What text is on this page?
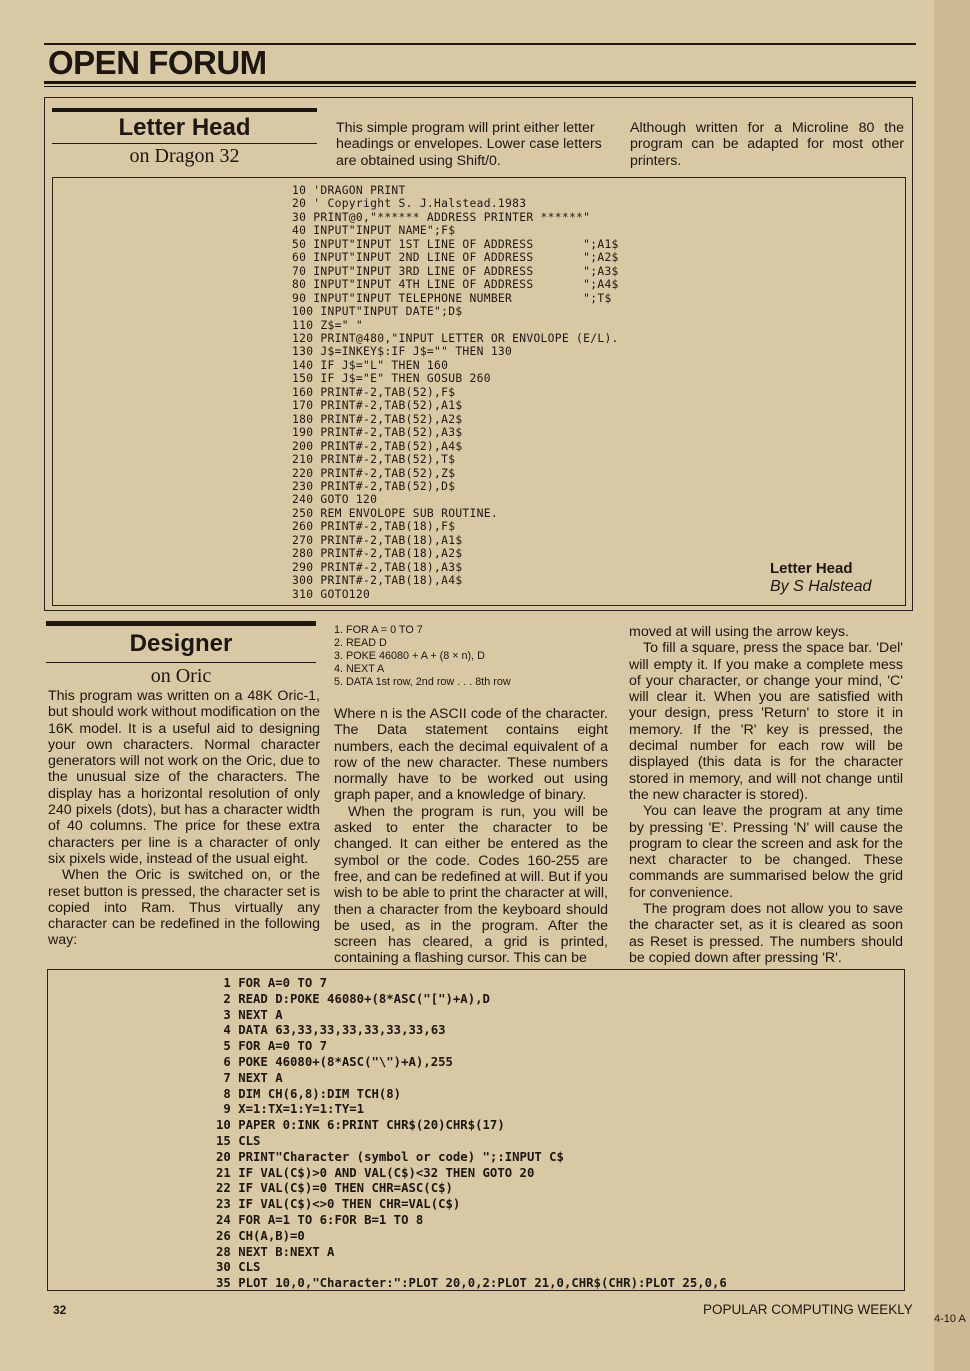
4-10 A
OPEN FORUM
Letter Head
on Dragon 32
This simple program will print either letter headings or envelopes. Lower case letters are obtained using Shift/0.
Although written for a Microline 80 the program can be adapted for most other printers.
10 'DRAGON PRINT
20 ' Copyright S. J.Halstead.1983
30 PRINT@0,"****** ADDRESS PRINTER ******"
40 INPUT"INPUT NAME";F$
50 INPUT"INPUT 1ST LINE OF ADDRESS       ";A1$
60 INPUT"INPUT 2ND LINE OF ADDRESS       ";A2$
70 INPUT"INPUT 3RD LINE OF ADDRESS       ";A3$
80 INPUT"INPUT 4TH LINE OF ADDRESS       ";A4$
90 INPUT"INPUT TELEPHONE NUMBER          ";T$
100 INPUT"INPUT DATE";D$
110 Z$=" "
120 PRINT@480,"INPUT LETTER OR ENVOLOPE (E/L).
130 J$=INKEY$:IF J$="" THEN 130
140 IF J$="L" THEN 160
150 IF J$="E" THEN GOSUB 260
160 PRINT#-2,TAB(52),F$
170 PRINT#-2,TAB(52),A1$
180 PRINT#-2,TAB(52),A2$
190 PRINT#-2,TAB(52),A3$
200 PRINT#-2,TAB(52),A4$
210 PRINT#-2,TAB(52),T$
220 PRINT#-2,TAB(52),Z$
230 PRINT#-2,TAB(52),D$
240 GOTO 120
250 REM ENVOLOPE SUB ROUTINE.
260 PRINT#-2,TAB(18),F$
270 PRINT#-2,TAB(18),A1$
280 PRINT#-2,TAB(18),A2$
290 PRINT#-2,TAB(18),A3$
300 PRINT#-2,TAB(18),A4$
310 GOTO120
Letter Head
By S Halstead
Designer
on Oric

This program was written on a 48K Oric-1, but should work without modification on the 16K model. It is a useful aid to designing your own characters. Normal character generators will not work on the Oric, due to the unusual size of the characters. The display has a horizontal resolution of only 240 pixels (dots), but has a character width of 40 columns. The price for these extra characters per line is a character of only six pixels wide, instead of the usual eight.

When the Oric is switched on, or the reset button is pressed, the character set is copied into Ram. Thus virtually any character can be redefined in the following way:

1. FOR A = 0 TO 7
2. READ D
3. POKE 46080 + A + (8 × n), D
4. NEXT A
5. DATA 1st row, 2nd row . . . 8th row

Where n is the ASCII code of the character. The Data statement contains eight numbers, each the decimal equivalent of a row of the new character. These numbers normally have to be worked out using graph paper, and a knowledge of binary.

When the program is run, you will be asked to enter the character to be changed. It can either be entered as the symbol or the code. Codes 160-255 are free, and can be redefined at will. But if you wish to be able to print the character at will, then a character from the keyboard should be used, as in the program. After the screen has cleared, a grid is printed, containing a flashing cursor. This can be

moved at will using the arrow keys.

To fill a square, press the space bar. 'Del' will empty it. If you make a complete mess of your character, or change your mind, 'C' will clear it. When you are satisfied with your design, press 'Return' to store it in memory. If the 'R' key is pressed, the decimal number for each row will be displayed (this data is for the character stored in memory, and will not change until the new character is stored).

You can leave the program at any time by pressing 'E'. Pressing 'N' will cause the program to clear the screen and ask for the next character to be changed. These commands are summarised below the grid for convenience.

The program does not allow you to save the character set, as it is cleared as soon as Reset is pressed. The numbers should be copied down after pressing 'R'.

1 FOR A=0 TO 7
2 READ D:POKE 46080+(8*ASC("[")+A),D
3 NEXT A
4 DATA 63,33,33,33,33,33,33,63
5 FOR A=0 TO 7
6 POKE 46080+(8*ASC("\")+A),255
7 NEXT A
8 DIM CH(6,8):DIM TCH(8)
9 X=1:TX=1:Y=1:TY=1
10 PAPER 0:INK 6:PRINT CHR$(20)CHR$(17)
15 CLS
20 PRINT"Character (symbol or code) ";:INPUT C$
21 IF VAL(C$)>0 AND VAL(C$)<32 THEN GOTO 20
22 IF VAL(C$)=0 THEN CHR=ASC(C$)
23 IF VAL(C$)<>0 THEN CHR=VAL(C$)
24 FOR A=1 TO 6:FOR B=1 TO 8
26 CH(A,B)=0
28 NEXT B:NEXT A
30 CLS
35 PLOT 10,0,"Character:":PLOT 20,0,2:PLOT 21,0,CHR$(CHR):PLOT 25,0,6
32	POPULAR COMPUTING WEEKLY
